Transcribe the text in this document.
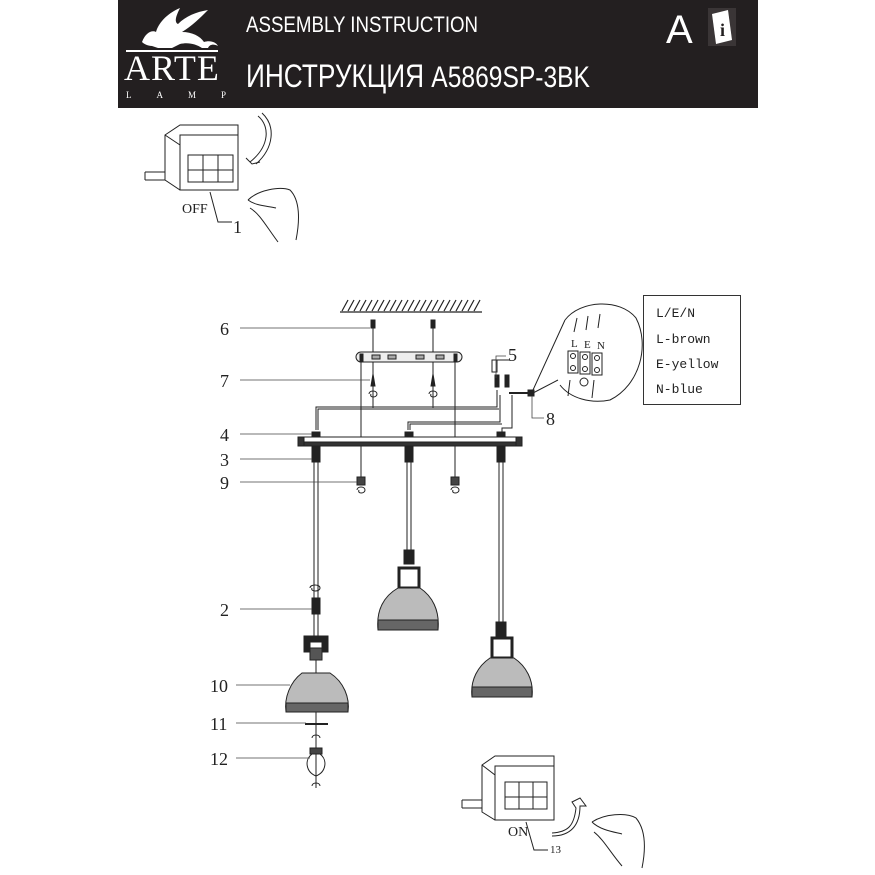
ARTE
L	A	M	P
ASSEMBLY INSTRUCTION
ИНСТРУКЦИЯ A5869SP-3BK
A i
OFF
1
ON
13
6
7
4
3
9
2
10
11
12
5
8
L E N
L/E/N
L-brown
E-yellow
N-blue
